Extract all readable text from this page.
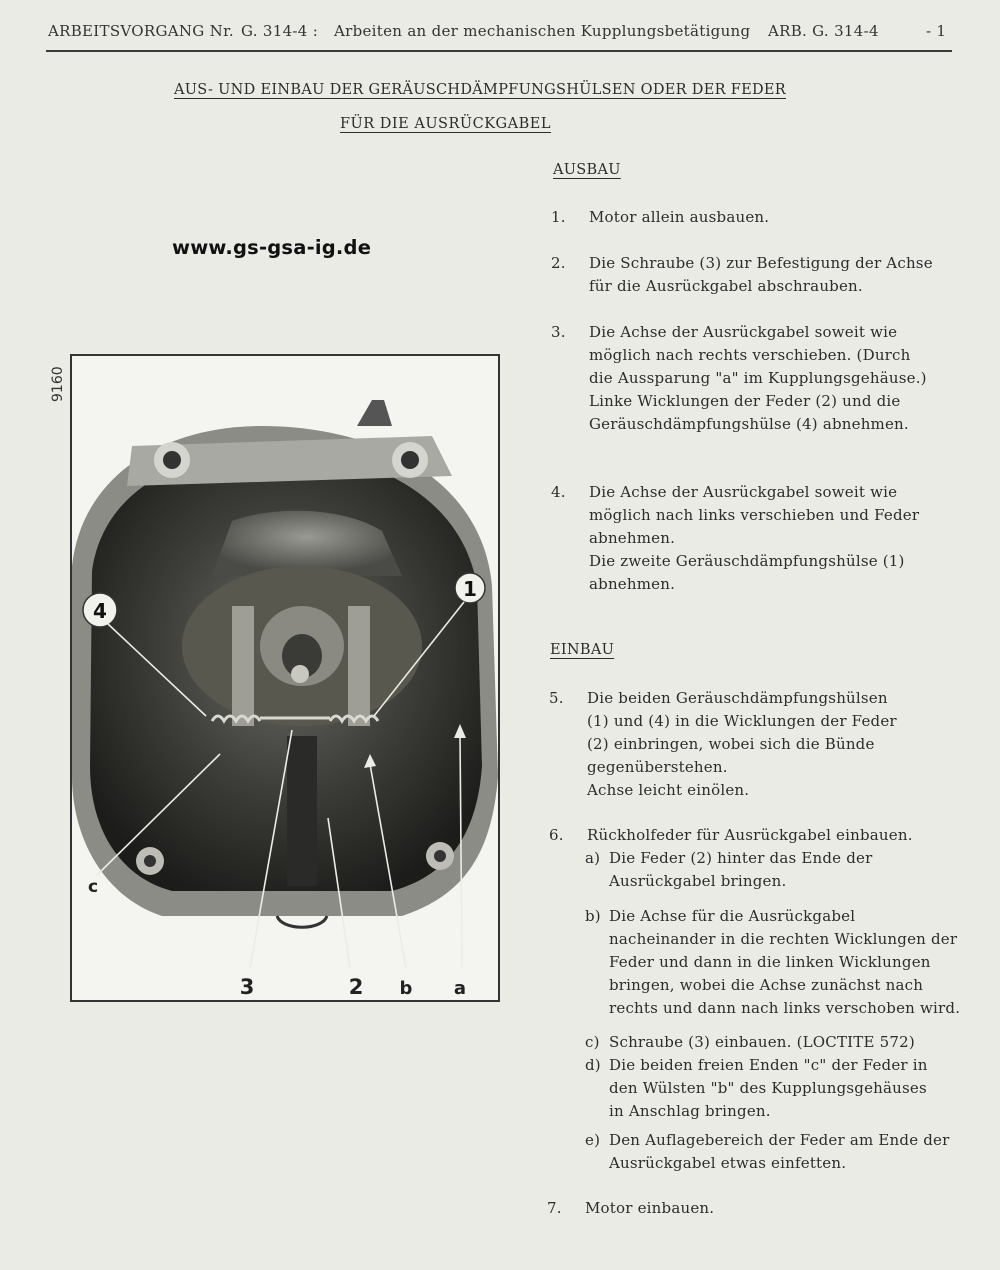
ARBEITSVORGANG Nr. G. 314-4 : Arbeiten an der mechanischen Kupplungsbetätigung ARB. G. 314-4	- 1
AUS- UND EINBAU DER GERÄUSCHDÄMPFUNGSHÜLSEN ODER DER FEDER
FÜR DIE AUSRÜCKGABEL
www.gs-gsa-ig.de
9160
4
1
c
3	2 b a
AUSBAU
1. Motor allein ausbauen.
2. Die Schraube (3) zur Befestigung der Achse für die Ausrückgabel abschrauben.
3. Die Achse der Ausrückgabel soweit wie möglich nach rechts verschieben. (Durch die Aussparung "a" im Kupplungsgehäuse.) Linke Wicklungen der Feder (2) und die Geräuschdämpfungshülse (4) abnehmen.

4. Die Achse der Ausrückgabel soweit wie möglich nach links verschieben und Feder abnehmen.
Die zweite Geräuschdämpfungshülse (1) abnehmen.

EINBAU

5. Die beiden Geräuschdämpfungshülsen (1) und (4) in die Wicklungen der Feder (2) einbringen, wobei sich die Bünde gegenüberstehen.
Achse leicht einölen.

6. Rückholfeder für Ausrückgabel einbauen.
a) Die Feder (2) hinter das Ende der Ausrückgabel bringen.
b) Die Achse für die Ausrückgabel nacheinander in die rechten Wicklungen der Feder und dann in die linken Wicklungen bringen, wobei die Achse zunächst nach rechts und dann nach links verschoben wird.
c) Schraube (3) einbauen. (LOCTITE 572)
d) Die beiden freien Enden "c" der Feder in den Wülsten "b" des Kupplungsgehäuses in Anschlag bringen.
e) Den Auflagebereich der Feder am Ende der Ausrückgabel etwas einfetten.
7. Motor einbauen.
